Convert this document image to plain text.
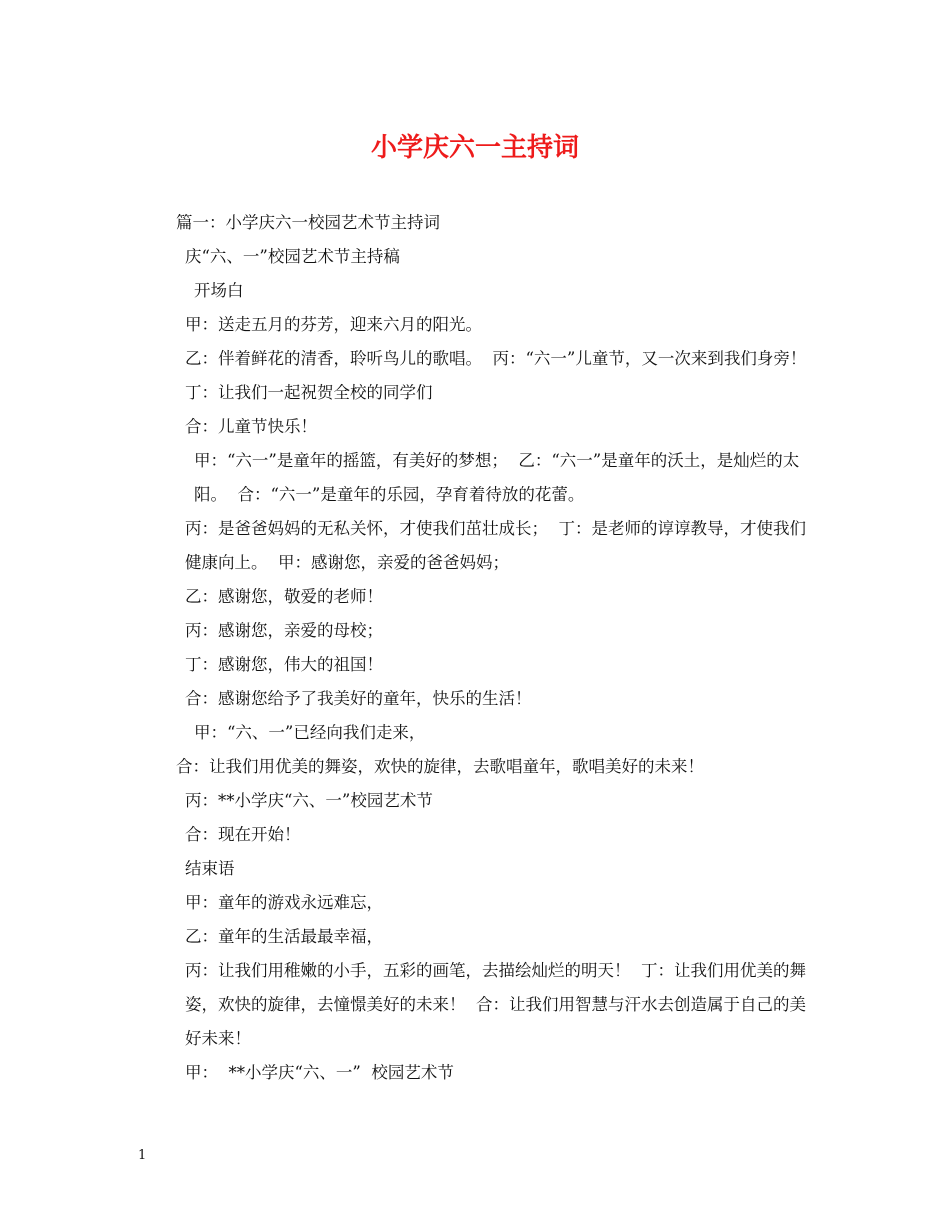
小学庆六一主持词

篇一：小学庆六一校园艺术节主持词

庆“六、一”校园艺术节主持稿

开场白

甲：送走五月的芬芳，迎来六月的阳光。

乙：伴着鲜花的清香，聆听鸟儿的歌唱。  丙：“六一”儿童节，又一次来到我们身旁！  丁：让我们一起祝贺全校的同学们

合：儿童节快乐！

甲：“六一”是童年的摇篮，有美好的梦想；  乙：“六一”是童年的沃土，是灿烂的太阳。  合：“六一”是童年的乐园，孕育着待放的花蕾。

丙：是爸爸妈妈的无私关怀，才使我们茁壮成长；  丁：是老师的谆谆教导，才使我们健康向上。  甲：感谢您，亲爱的爸爸妈妈；

乙：感谢您，敬爱的老师！

丙：感谢您，亲爱的母校；

丁：感谢您，伟大的祖国！

合：感谢您给予了我美好的童年，快乐的生活！

甲：“六、一”已经向我们走来，

合：让我们用优美的舞姿，欢快的旋律，去歌唱童年，歌唱美好的未来！

丙：**小学庆“六、一”校园艺术节

合：现在开始！

结束语

甲：童年的游戏永远难忘，

乙：童年的生活最最幸福，

丙：让我们用稚嫩的小手，五彩的画笔，去描绘灿烂的明天！  丁：让我们用优美的舞姿，欢快的旋律，去憧憬美好的未来！  合：让我们用智慧与汗水去创造属于自己的美好未来！

甲：  **小学庆“六、一”  校园艺术节

1
